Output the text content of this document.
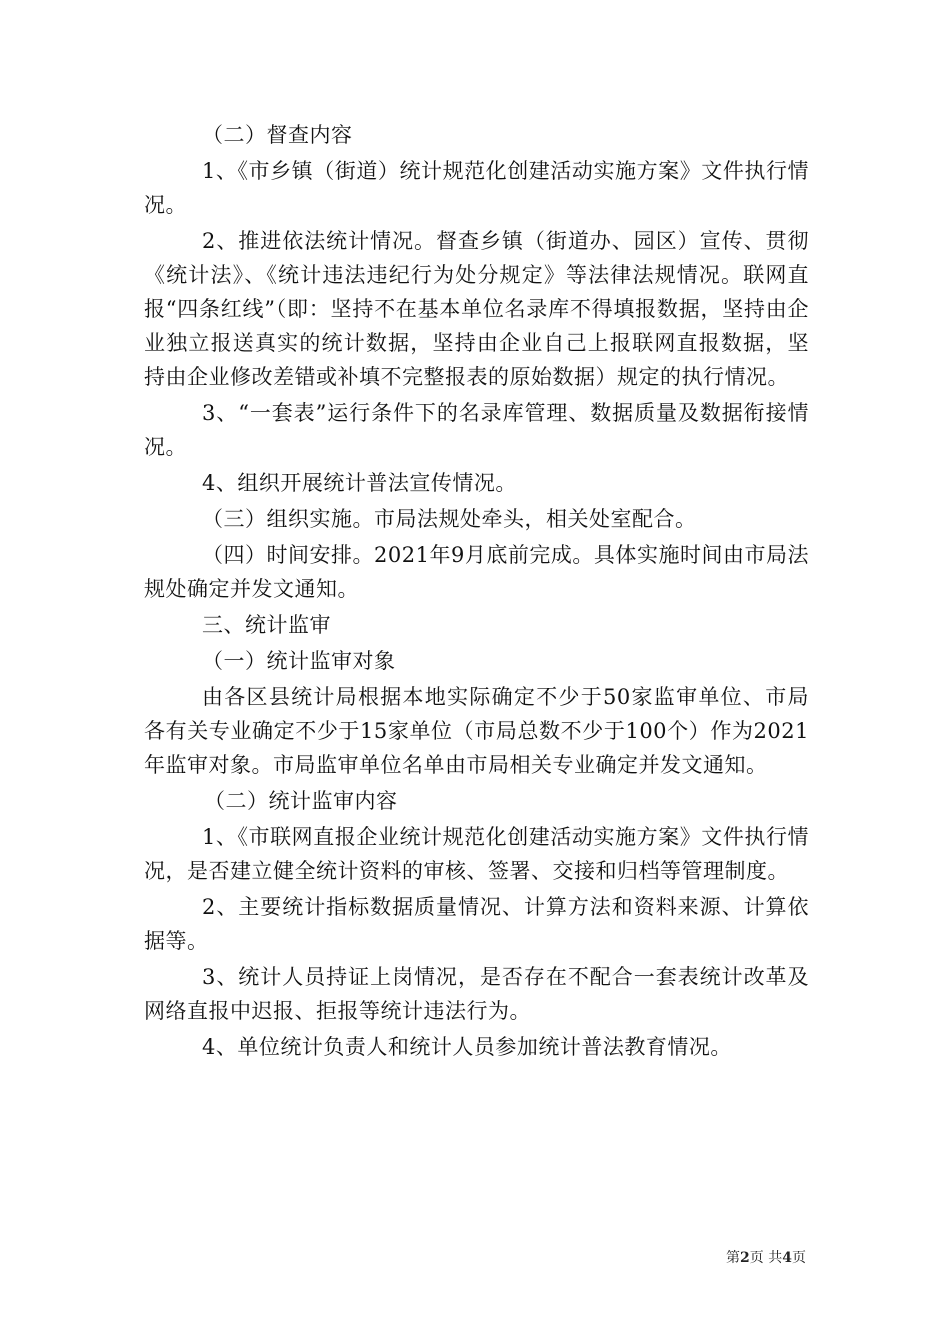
（二）督查内容

1、《市乡镇（街道）统计规范化创建活动实施方案》文件执行情况。

2、推进依法统计情况。督查乡镇（街道办、园区）宣传、贯彻《统计法》、《统计违法违纪行为处分规定》等法律法规情况。联网直报“四条红线”（即：坚持不在基本单位名录库不得填报数据，坚持由企业独立报送真实的统计数据，坚持由企业自己上报联网直报数据，坚持由企业修改差错或补填不完整报表的原始数据）规定的执行情况。

3、“一套表”运行条件下的名录库管理、数据质量及数据衔接情况。

4、组织开展统计普法宣传情况。

（三）组织实施。市局法规处牵头，相关处室配合。

（四）时间安排。2021年9月底前完成。具体实施时间由市局法规处确定并发文通知。

三、统计监审

（一）统计监审对象

由各区县统计局根据本地实际确定不少于50家监审单位、市局各有关专业确定不少于15家单位（市局总数不少于100个）作为2021年监审对象。市局监审单位名单由市局相关专业确定并发文通知。

（二）统计监审内容

1、《市联网直报企业统计规范化创建活动实施方案》文件执行情况，是否建立健全统计资料的审核、签署、交接和归档等管理制度。

2、主要统计指标数据质量情况、计算方法和资料来源、计算依据等。

3、统计人员持证上岗情况，是否存在不配合一套表统计改革及网络直报中迟报、拒报等统计违法行为。

4、单位统计负责人和统计人员参加统计普法教育情况。

第2页 共4页
